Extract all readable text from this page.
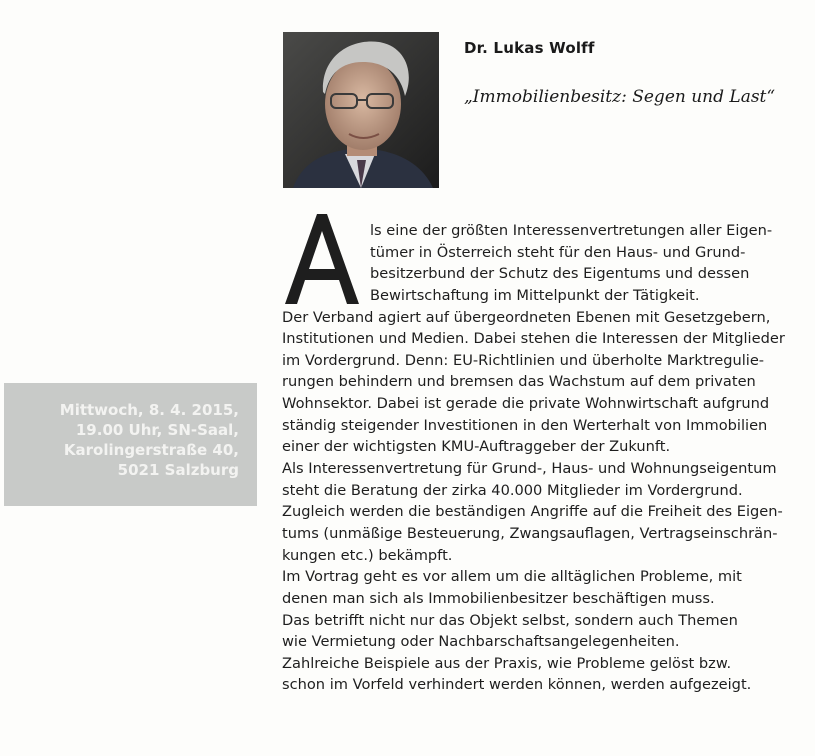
Dr. Lukas Wolff
„Immobilienbesitz: Segen und Last“
Mittwoch, 8. 4. 2015,
19.00 Uhr, SN-Saal,
Karolingerstraße 40,
5021 Salzburg
ls eine der größten Interessenvertretungen aller Eigen-
tümer in Österreich steht für den Haus- und Grund-
besitzerbund der Schutz des Eigentums und dessen
Bewirtschaftung im Mittelpunkt der Tätigkeit.
Der Verband agiert auf übergeordneten Ebenen mit Gesetzgebern,
Institutionen und Medien. Dabei stehen die Interessen der Mitglieder
im Vordergrund. Denn: EU-Richtlinien und überholte Marktregulie-
rungen behindern und bremsen das Wachstum auf dem privaten
Wohnsektor. Dabei ist gerade die private Wohnwirtschaft aufgrund
ständig steigender Investitionen in den Werterhalt von Immobilien
einer der wichtigsten KMU-Auftraggeber der Zukunft.
Als Interessenvertretung für Grund-, Haus- und Wohnungseigentum
steht die Beratung der zirka 40.000 Mitglieder im Vordergrund.
Zugleich werden die beständigen Angriffe auf die Freiheit des Eigen-
tums (unmäßige Besteuerung, Zwangsauflagen, Vertragseinschrän-
kungen etc.) bekämpft.
Im Vortrag geht es vor allem um die alltäglichen Probleme, mit
denen man sich als Immobilienbesitzer beschäftigen muss.
Das betrifft nicht nur das Objekt selbst, sondern auch Themen
wie Vermietung oder Nachbarschaftsangelegenheiten.
Zahlreiche Beispiele aus der Praxis, wie Probleme gelöst bzw.
schon im Vorfeld verhindert werden können, werden aufgezeigt.
